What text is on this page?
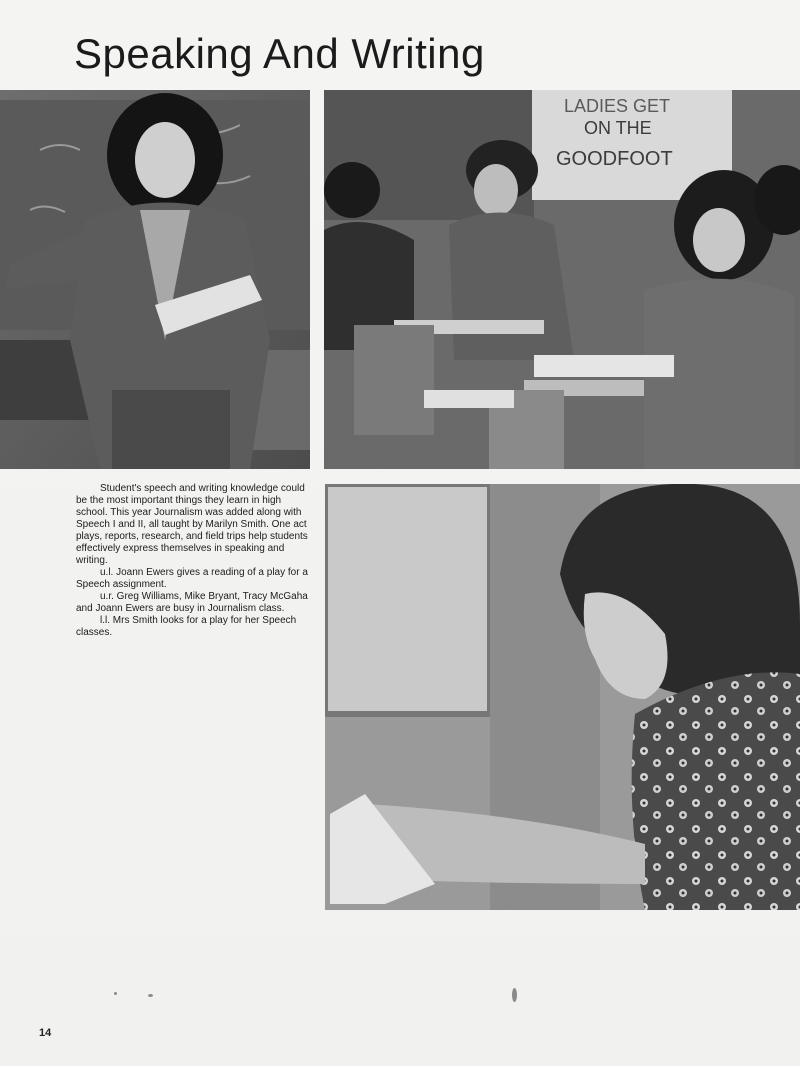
Speaking And Writing
LADIES GET
ON THE
GOODFOOT

Student's speech and writing knowledge could be the most important things they learn in high school. This year Journalism was added along with Speech I and II, all taught by Marilyn Smith. One act plays, reports, research, and field trips help students effectively express themselves in speaking and writing.

u.l. Joann Ewers gives a reading of a play for a Speech assignment.

u.r. Greg Williams, Mike Bryant, Tracy McGaha and Joann Ewers are busy in Journalism class.

l.l. Mrs Smith looks for a play for her Speech classes.

14
